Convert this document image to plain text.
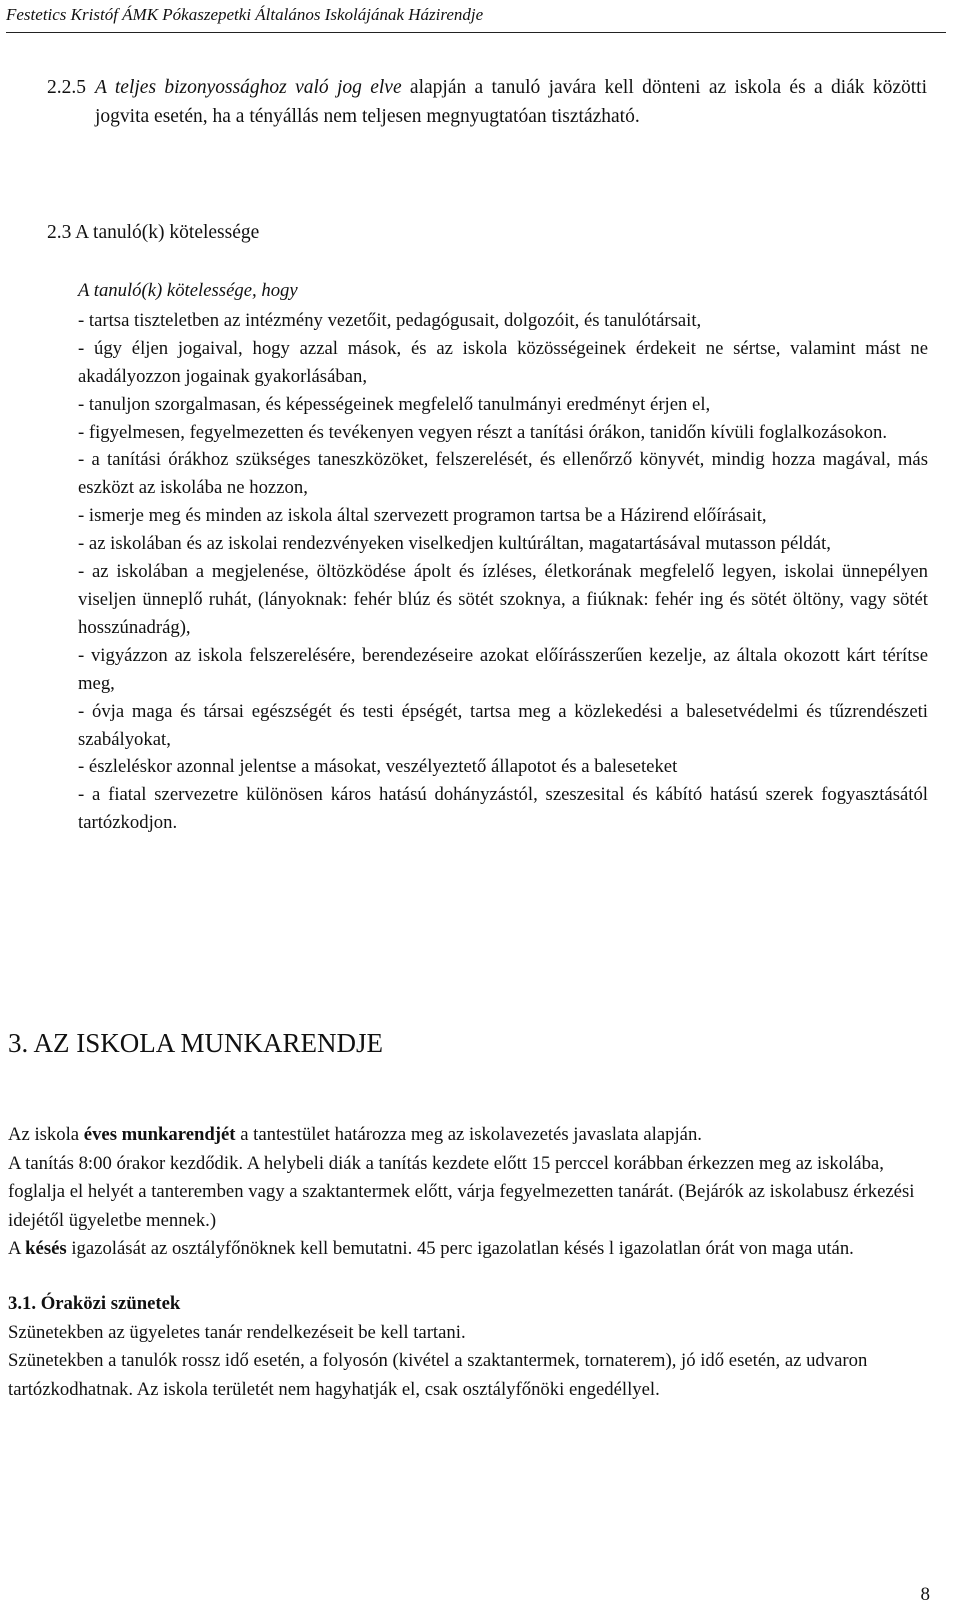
Festetics Kristóf ÁMK Pókaszepetki Általános Iskolájának Házirendje
2.2.5 A teljes bizonyossághoz való jog elve alapján a tanuló javára kell dönteni az iskola és a diák közötti jogvita esetén, ha a tényállás nem teljesen megnyugtatóan tisztázható.
2.3 A tanuló(k) kötelessége
A tanuló(k) kötelessége, hogy

- tartsa tiszteletben az intézmény vezetőit, pedagógusait, dolgozóit, és tanulótársait,

- úgy éljen jogaival, hogy azzal mások, és az iskola közösségeinek érdekeit ne sértse, valamint mást ne akadályozzon jogainak gyakorlásában,

- tanuljon szorgalmasan, és képességeinek megfelelő tanulmányi eredményt érjen el,

- figyelmesen, fegyelmezetten és tevékenyen vegyen részt a tanítási órákon, tanidőn kívüli foglalkozásokon.

- a tanítási órákhoz szükséges taneszközöket, felszerelését, és ellenőrző könyvét, mindig hozza magával, más eszközt az iskolába ne hozzon,

- ismerje meg és minden az iskola által szervezett programon tartsa be a Házirend előírásait,

- az iskolában és az iskolai rendezvényeken viselkedjen kultúráltan, magatartásával mutasson példát,

- az iskolában a megjelenése, öltözködése ápolt és ízléses, életkorának megfelelő legyen, iskolai ünnepélyen viseljen ünneplő ruhát, (lányoknak: fehér blúz és sötét szoknya, a fiúknak: fehér ing és sötét öltöny, vagy sötét hosszúnadrág),

- vigyázzon az iskola felszerelésére, berendezéseire azokat előírásszerűen kezelje, az általa okozott kárt térítse meg,

- óvja maga és társai egészségét és testi épségét, tartsa meg a közlekedési a balesetvédelmi és tűzrendészeti szabályokat,

- észleléskor azonnal jelentse a másokat, veszélyeztető állapotot és a baleseteket

- a fiatal szervezetre különösen káros hatású dohányzástól, szeszesital és kábító hatású szerek fogyasztásától tartózkodjon.

3. AZ ISKOLA MUNKARENDJE

Az iskola éves munkarendjét a tantestület határozza meg az iskolavezetés javaslata alapján.

A tanítás 8:00 órakor kezdődik. A helybeli diák a tanítás kezdete előtt 15 perccel korábban érkezzen meg az iskolába, foglalja el helyét a tanteremben vagy a szaktantermek előtt, várja fegyelmezetten tanárát. (Bejárók az iskolabusz érkezési idejétől ügyeletbe mennek.)

A késés igazolását az osztályfőnöknek kell bemutatni. 45 perc igazolatlan késés l igazolatlan órát von maga után.

3.1. Óraközi szünetek

Szünetekben az ügyeletes tanár rendelkezéseit be kell tartani.

Szünetekben a tanulók rossz idő esetén, a folyosón (kivétel a szaktantermek, tornaterem), jó idő esetén, az udvaron tartózkodhatnak. Az iskola területét nem hagyhatják el, csak osztályfőnöki engedéllyel.

8
